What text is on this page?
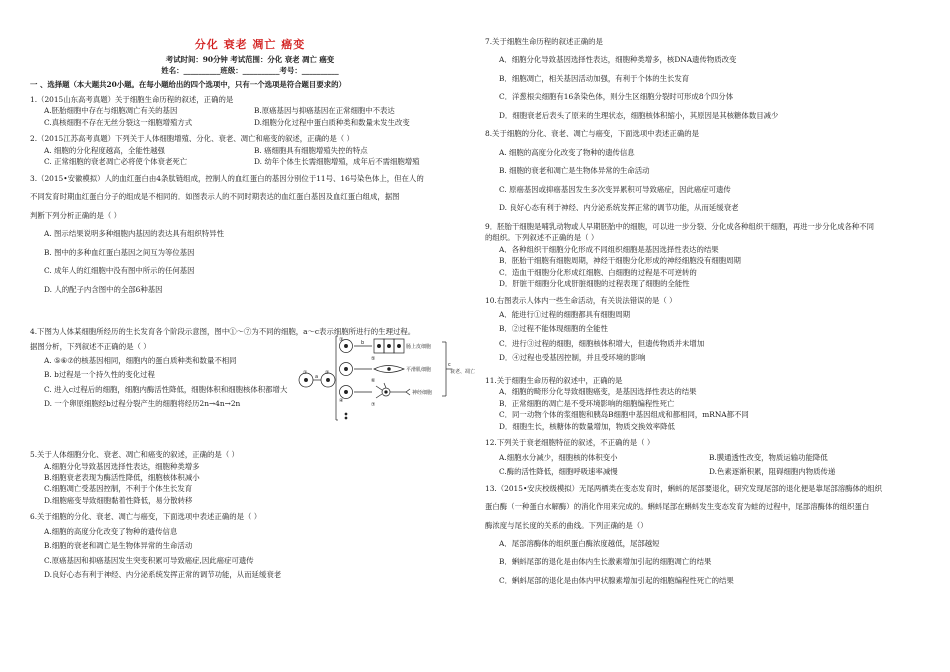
分化 衰老 凋亡 癌变

考试时间：90分钟 考试范围：分化 衰老 凋亡 癌变

姓名：__________班级：__________考号：__________

一 、选择题（本大题共20小题。在每小题给出的四个选项中，只有一个选项是符合题目要求的）

1.（2015山东高考真题）关于细胞生命历程的叙述，正确的是

A.胚胎细胞中存在与细胞凋亡有关的基因	B.原癌基因与抑癌基因在正常细胞中不表达
C.真核细胞不存在无丝分裂这一细胞增殖方式	D.细胞分化过程中蛋白质种类和数量未发生改变

2.（2015江苏高考真题）下列关于人体细胞增殖、分化、衰老、凋亡和癌变的叙述，正确的是（ ）

A. 细胞的分化程度越高，全能性越强	B. 癌细胞具有细胞增殖失控的特点
C. 正常细胞的衰老凋亡必将使个体衰老死亡	D. 幼年个体生长需细胞增殖，成年后不需细胞增殖

3.（2015•安徽模拟）人的血红蛋白由4条肽链组成，控制人的血红蛋白的基因分别位于11号、16号染色体上，但在人的

不同发育时期血红蛋白分子的组成是不相同的．如图表示人的不同时期表达的血红蛋白基因及血红蛋白组成，据图

判断下列分析正确的是（ ）

A. 图示结果说明多种细胞内基因的表达具有组织特异性

B. 图中的多种血红蛋白基因之间互为等位基因

C. 成年人的红细胞中没有图中所示的任何基因

D. 人的配子内含图中的全部6种基因

4.下图为人体某细胞所经历的生长发育各个阶段示意图，图中①～⑦为不同的细胞，a～c表示细胞所进行的生理过程。

据图分析，下列叙述不正确的是（ ）

A. ⑤⑥⑦的核基因相同，细胞内的蛋白质种类和数量不相同

B. b过程是一个持久性的变化过程

C. 进入c过程后的细胞，细胞内酶活性降低，细胞体积和细胞核体积都增大

D. 一个卵原细胞经b过程分裂产生的细胞将经历2n→4n→2n

①	②
a
③
④
b
⑤
⑥
⑦
肠上皮细胞
平滑肌细胞
神经细胞
c
衰老、凋亡

5.关于人体细胞分化、衰老、凋亡和癌变的叙述，正确的是（ ）

A.细胞分化导致基因选择性表达，细胞种类增多

B.细胞衰老表现为酶活性降低，细胞核体积减小

C.细胞凋亡受基因控制，不利于个体生长发育

D.细胞癌变导致细胞黏着性降低，易分散转移

6.关于细胞的分化、衰老、凋亡与癌变，下面选项中表述正确的是（ ）

A.细胞的高度分化改变了物种的遗传信息

B.细胞的衰老和凋亡是生物体异常的生命活动

C.原癌基因和抑癌基因发生突变积累可导致癌症,因此癌症可遗传

D.良好心态有利于神经、内分泌系统发挥正常的调节功能，从而延缓衰老

7.关于细胞生命历程的叙述正确的是

A．细胞分化导致基因选择性表达，细胞种类增多，核DNA遗传物质改变

B．细胞凋亡，相关基因活动加强，有利于个体的生长发育

C．洋葱根尖细胞有16条染色体，则分生区细胞分裂时可形成8个四分体

D．细胞衰老后表头了原来的生理状态，细胞核体积缩小，其原因是其核糖体数目减少

8.关于细胞的分化、衰老、凋亡与癌变，下面选项中表述正确的是

A. 细胞的高度分化改变了物种的遗传信息

B. 细胞的衰老和凋亡是生物体异常的生命活动

C. 原癌基因或抑癌基因发生多次变异累积可导致癌症，因此癌症可遗传

D. 良好心态有利于神经、内分泌系统发挥正常的调节功能，从而延缓衰老

9．胚胎干细胞是哺乳动物或人早期胚胎中的细胞，可以进一步分裂、分化成各种组织干细胞，再进一步分化成各种不同

的组织。下列叙述不正确的是（ ）

A．各种组织干细胞分化形成不同组织细胞是基因选择性表达的结果

B．胚胎干细胞有细胞周期，神经干细胞分化形成的神经细胞没有细胞周期

C．造血干细胞分化形成红细胞、白细胞的过程是不可逆转的

D．肝脏干细胞分化成肝脏细胞的过程表现了细胞的全能性

10.右图表示人体内一些生命活动，有关说法错误的是（ ）

A．能进行①过程的细胞都具有细胞周期

B．②过程不能体现细胞的全能性

C．进行③过程的细胞，细胞核体积增大，但遗传物质并未增加

D．④过程也受基因控制，并且受环境的影响

11.关于细胞生命历程的叙述中，正确的是

A．细胞的畸形分化导致细胞癌变，是基因选择性表达的结果

B．正常细胞的凋亡是不受环境影响的细胞编程性死亡

C．同一动物个体的浆细胞和胰岛B细胞中基因组成和都相同，mRNA都不同

D．细胞生长，核糖体的数量增加，物质交换效率降低

12.下列关于衰老细胞特征的叙述，不正确的是（ ）

A.细胞水分减少，细胞核的体积变小	B.膜通透性改变，物质运输功能降低
C.酶的活性降低，细胞呼吸速率减慢	D.色素逐渐积累，阻碍细胞内物质传递

13.（2015•安庆校级模拟）无尾两栖类在变态发育时，蝌蚪的尾部要退化，研究发现尾部的退化便是靠尾部溶酶体的组织

蛋白酶（一种蛋白水解酶）的消化作用来完成的。蝌蚪尾部在蝌蚪发生变态发育为蛙的过程中，尾部溶酶体的组织蛋白

酶浓度与尾长度的关系的曲线。下列正确的是（）

A．尾部溶酶体的组织蛋白酶浓度越低，尾部越短

B．蝌蚪尾部的退化是由体内生长激素增加引起的细胞凋亡的结果

C．蝌蚪尾部的退化是由体内甲状腺素增加引起的细胞编程性死亡的结果
